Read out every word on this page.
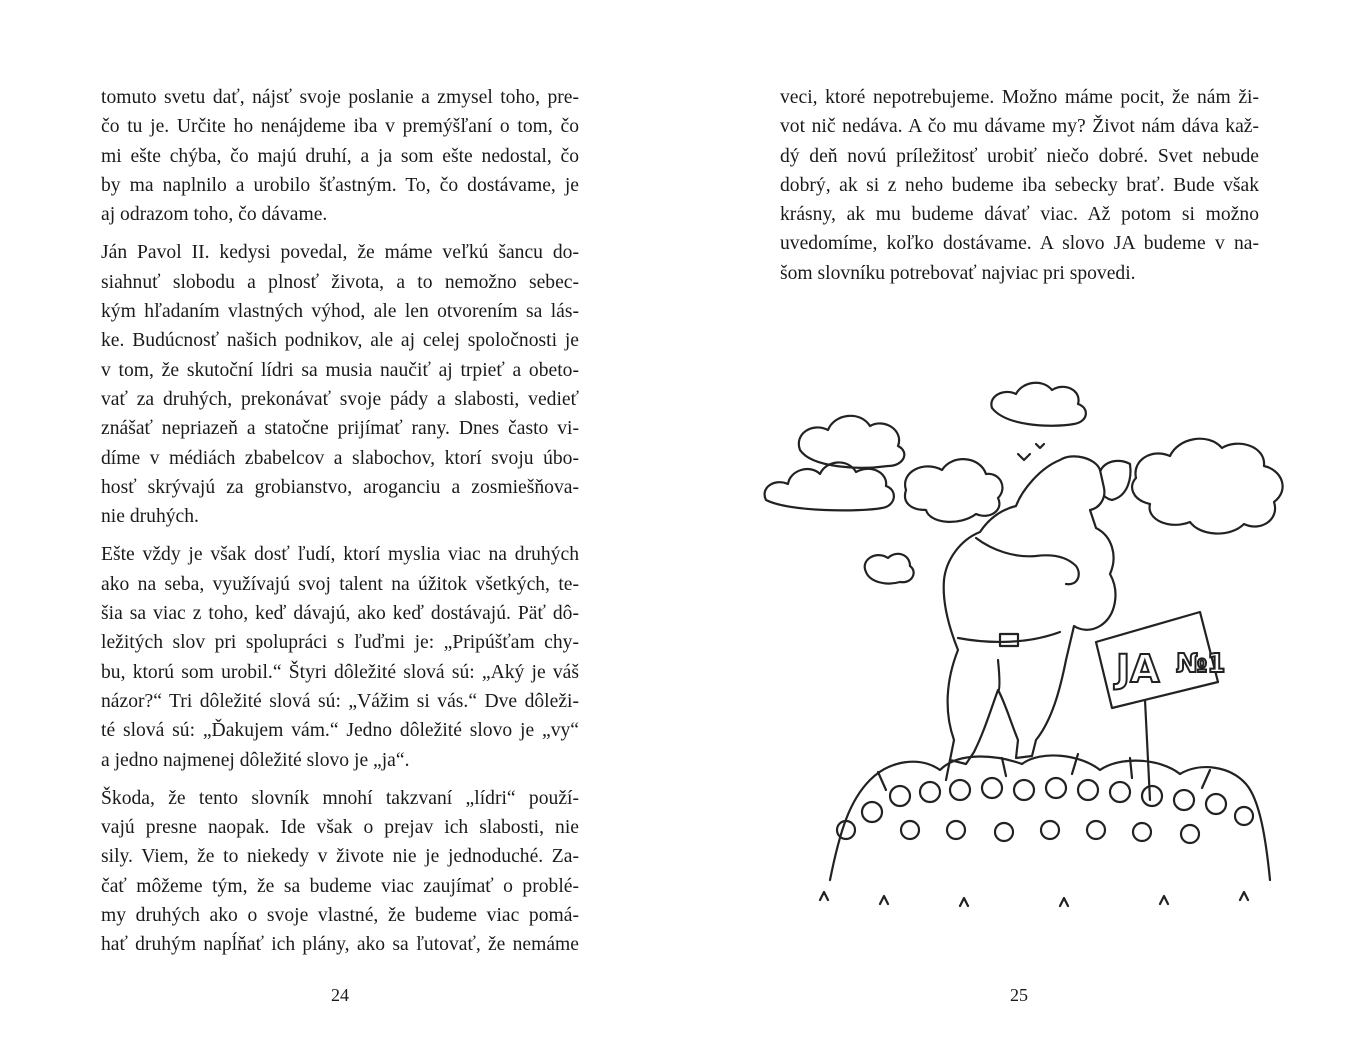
tomuto svetu dať, nájsť svoje poslanie a zmysel toho, pre-
čo tu je. Určite ho nenájdeme iba v premýšľaní o tom, čo
mi ešte chýba, čo majú druhí, a ja som ešte nedostal, čo
by ma naplnilo a urobilo šťastným. To, čo dostávame, je
aj odrazom toho, čo dávame.

Ján Pavol II. kedysi povedal, že máme veľkú šancu do-
siahnuť slobodu a plnosť života, a to nemožno sebec-
kým hľadaním vlastných výhod, ale len otvorením sa lás-
ke. Budúcnosť našich podnikov, ale aj celej spoločnosti je
v tom, že skutoční lídri sa musia naučiť aj trpieť a obeto-
vať za druhých, prekonávať svoje pády a slabosti, vedieť
znášať nepriazeň a statočne prijímať rany. Dnes často vi-
díme v médiách zbabelcov a slabochov, ktorí svoju úbo-
hosť skrývajú za grobianstvo, aroganciu a zosmiešňova-
nie druhých.

Ešte vždy je však dosť ľudí, ktorí myslia viac na druhých
ako na seba, využívajú svoj talent na úžitok všetkých, te-
šia sa viac z toho, keď dávajú, ako keď dostávajú. Päť dô-
ležitých slov pri spolupráci s ľuďmi je: „Pripúšťam chy-
bu, ktorú som urobil.“ Štyri dôležité slová sú: „Aký je váš
názor?“ Tri dôležité slová sú: „Vážim si vás.“ Dve dôleži-
té slová sú: „Ďakujem vám.“ Jedno dôležité slovo je „vy“
a jedno najmenej dôležité slovo je „ja“.

Škoda, že tento slovník mnohí takzvaní „lídri“ použí-
vajú presne naopak. Ide však o prejav ich slabosti, nie
sily. Viem, že to niekedy v živote nie je jednoduché. Za-
čať môžeme tým, že sa budeme viac zaujímať o problé-
my druhých ako o svoje vlastné, že budeme viac pomá-
hať druhým napĺňať ich plány, ako sa ľutovať, že nemáme

24

veci, ktoré nepotrebujeme. Možno máme pocit, že nám ži-
vot nič nedáva. A čo mu dávame my? Život nám dáva kaž-
dý deň novú príležitosť urobiť niečo dobré. Svet nebude
dobrý, ak si z neho budeme iba sebecky brať. Bude však
krásny, ak mu budeme dávať viac. Až potom si možno
uvedomíme, koľko dostávame. A slovo JA budeme v na-
šom slovníku potrebovať najviac pri spovedi.

JA №1
25
